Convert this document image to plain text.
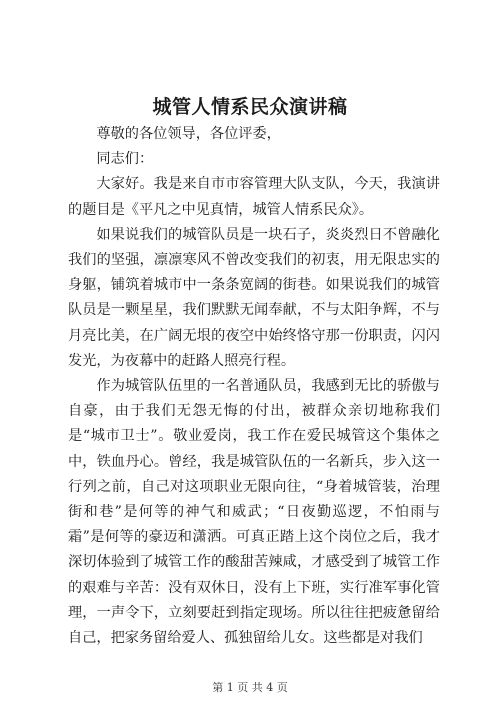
城管人情系民众演讲稿

尊敬的各位领导，各位评委，

同志们：

大家好。我是来自市市容管理大队支队，今天，我演讲的题目是《平凡之中见真情，城管人情系民众》。

如果说我们的城管队员是一块石子，炎炎烈日不曾融化我们的坚强，凛凛寒风不曾改变我们的初衷，用无限忠实的身躯，铺筑着城市中一条条宽阔的街巷。如果说我们的城管队员是一颗星星，我们默默无闻奉献，不与太阳争辉，不与月亮比美，在广阔无垠的夜空中始终恪守那一份职责，闪闪发光，为夜幕中的赶路人照亮行程。

作为城管队伍里的一名普通队员，我感到无比的骄傲与自豪，由于我们无怨无悔的付出，被群众亲切地称我们是“城市卫士”。敬业爱岗，我工作在爱民城管这个集体之中，铁血丹心。曾经，我是城管队伍的一名新兵，步入这一行列之前，自己对这项职业无限向往，“身着城管装，治理街和巷”是何等的神气和威武；“日夜勤巡逻，不怕雨与霜”是何等的豪迈和潇洒。可真正踏上这个岗位之后，我才深切体验到了城管工作的酸甜苦辣咸，才感受到了城管工作的艰难与辛苦：没有双休日，没有上下班，实行准军事化管理，一声令下，立刻要赶到指定现场。所以往往把疲惫留给自己，把家务留给爱人、孤独留给儿女。这些都是对我们

第 1 页 共 4 页
